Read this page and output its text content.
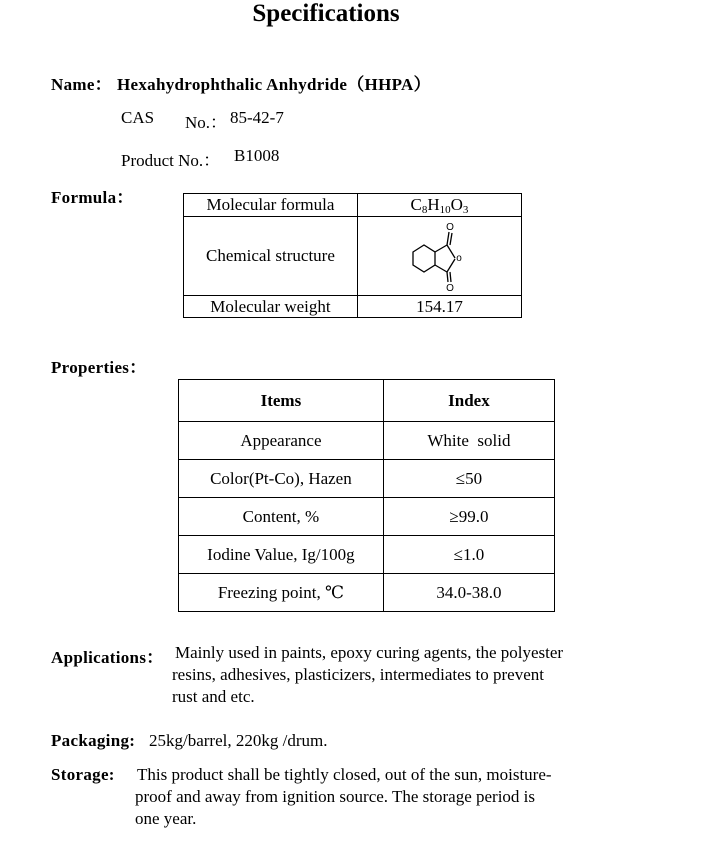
Specifications
Name： Hexahydrophthalic Anhydride（HHPA）
CAS No.： 85-42-7
Product No.： B1008
Formula：	Molecular formula	$C_8H_{10}O_3$
Chemical structure	O
o
O

Molecular weight	154.17
Properties：
Items	Index
Appearance	White  solid
Color(Pt-Co), Hazen	≤50
Content, %	≥99.0
Iodine Value, Ig/100g	≤1.0
Freezing point, ℃	34.0-38.0
Applications： Mainly used in paints, epoxy curing agents, the polyester
resins, adhesives, plasticizers, intermediates to prevent
rust and etc.
Packaging: 25kg/barrel, 220kg /drum.
Storage: This product shall be tightly closed, out of the sun, moisture-
proof and away from ignition source. The storage period is
one year.
